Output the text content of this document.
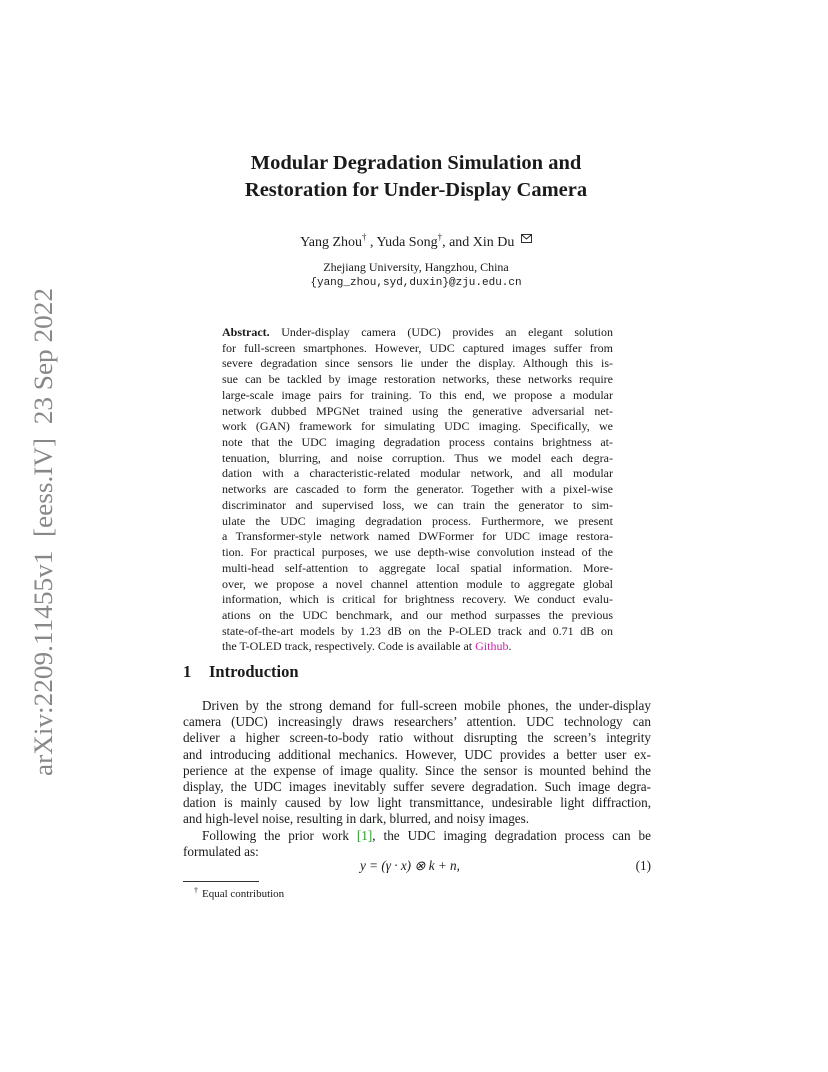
arXiv:2209.11455v1  [eess.IV]  23 Sep 2022
Modular Degradation Simulation and
Restoration for Under-Display Camera
Yang Zhou† , Yuda Song†, and Xin Du
Zhejiang University, Hangzhou, China
{yang_zhou,syd,duxin}@zju.edu.cn
Abstract. Under-display camera (UDC) provides an elegant solution
for full-screen smartphones. However, UDC captured images suffer from
severe degradation since sensors lie under the display. Although this is-
sue can be tackled by image restoration networks, these networks require
large-scale image pairs for training. To this end, we propose a modular
network dubbed MPGNet trained using the generative adversarial net-
work (GAN) framework for simulating UDC imaging. Specifically, we
note that the UDC imaging degradation process contains brightness at-
tenuation, blurring, and noise corruption. Thus we model each degra-
dation with a characteristic-related modular network, and all modular
networks are cascaded to form the generator. Together with a pixel-wise
discriminator and supervised loss, we can train the generator to sim-
ulate the UDC imaging degradation process. Furthermore, we present
a Transformer-style network named DWFormer for UDC image restora-
tion. For practical purposes, we use depth-wise convolution instead of the
multi-head self-attention to aggregate local spatial information. More-
over, we propose a novel channel attention module to aggregate global
information, which is critical for brightness recovery. We conduct evalu-
ations on the UDC benchmark, and our method surpasses the previous
state-of-the-art models by 1.23 dB on the P-OLED track and 0.71 dB on
the T-OLED track, respectively. Code is available at Github.
1 Introduction
Driven by the strong demand for full-screen mobile phones, the under-display
camera (UDC) increasingly draws researchers’ attention. UDC technology can
deliver a higher screen-to-body ratio without disrupting the screen’s integrity
and introducing additional mechanics. However, UDC provides a better user ex-
perience at the expense of image quality. Since the sensor is mounted behind the
display, the UDC images inevitably suffer severe degradation. Such image degra-
dation is mainly caused by low light transmittance, undesirable light diffraction,
and high-level noise, resulting in dark, blurred, and noisy images.
Following the prior work [1], the UDC imaging degradation process can be
formulated as:
y = (γ · x) ⊗ k + n,	(1)
† Equal contribution
